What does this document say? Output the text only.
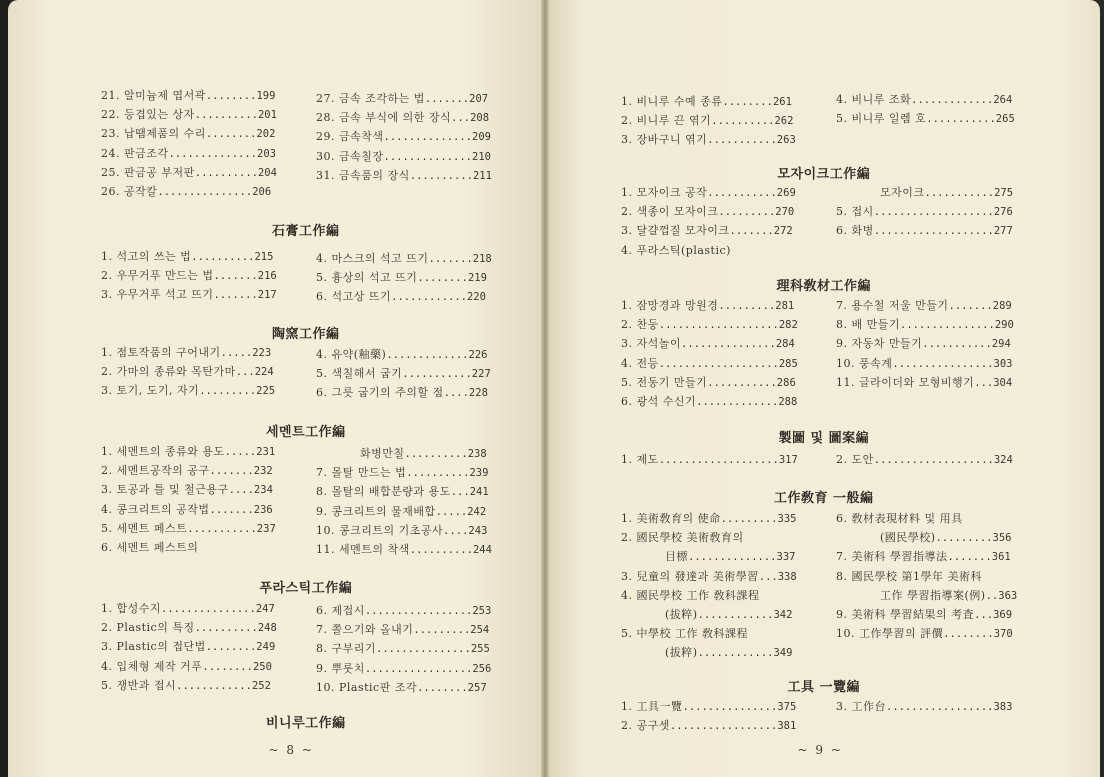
21. 알미늄제 엽서곽........199
22. 등겹있는 상자..........201
23. 납땜제품의 수리........202
24. 판금조각..............203
25. 판금공 부저판..........204
26. 공작칼...............206
27. 금속 조각하는 법.......207
28. 금속 부식에 의한 장식...208
29. 금속착색..............209
30. 금속칠장..............210
31. 금속품의 장식..........211
石膏工作編
1. 석고의 쓰는 법..........215
2. 우무거푸 만드는 법.......216
3. 우무거푸 석고 뜨기.......217
4. 마스크의 석고 뜨기.......218
5. 흉상의 석고 뜨기........219
6. 석고상 뜨기............220
陶窯工作編
1. 점토작품의 구어내기.....223
2. 가마의 종류와 목탄가마...224
3. 토기, 도기, 자기.........225
4. 유약(釉藥).............226
5. 색칠해서 굽기...........227
6. 그릇 굽기의 주의할 점....228
세멘트工作編
1. 세멘트의 종류와 용도.....231
2. 세멘트공작의 공구.......232
3. 토공과 틀 및 철근용구....234
4. 콩크리트의 공작법.......236
5. 세멘트 페스트...........237
6. 세멘트 페스트의
화병만칠..........238
7. 몰탈 만드는 법..........239
8. 몰탈의 배합분량과 용도...241
9. 콩크리트의 물재배합.....242
10. 콩크리트의 기초공사....243
11. 세멘트의 착색..........244
푸라스틱工作編
1. 합성수지...............247
2. Plastic의 특징..........248
3. Plastic의 접단법........249
4. 입체형 제작 거푸........250
5. 쟁반과 접시............252
6. 제접시.................253
7. 쫄으기와 올내기.........254
8. 구부리기...............255
9. 뿌룻치.................256
10. Plastic판 조각........257
비니루工作編
~ 8 ~
1. 비니루 수예 종류........261
2. 비니루 끈 엮기..........262
3. 장바구니 엮기...........263
4. 비니루 조화.............264
5. 비니루 일렘 호...........265
모자이크工作編
1. 모자이크 공작...........269
2. 색종이 모자이크.........270
3. 달걀껍질 모자이크.......272
4. 푸라스틱(plastic)
모자이크...........275
5. 접시...................276
6. 화병...................277
理科敎材工作編
1. 잠망경과 망원경.........281
2. 찬둥...................282
3. 자석놀이...............284
4. 전등...................285
5. 전동기 만들기...........286
6. 광석 수신기.............288
7. 용수철 저울 만들기.......289
8. 배 만들기...............290
9. 자동차 만들기...........294
10. 풍속계................303
11. 글라이더와 모형비행기...304
製圖 및 圖案編
1. 제도...................317	2. 도안...................324
工作敎育 一般編
1. 美術敎育의 使命.........335
2. 國民學校 美術敎育의
目標..............337
3. 兒童의 發達과 美術學習...338
4. 國民學校 工作 敎科課程
(拔粹)............342
5. 中學校 工作 敎科課程
(拔粹)............349
6. 敎材表現材料 및 用具
(國民學校).........356
7. 美術科 學習指導法.......361
8. 國民學校 第1學年 美術科
工作 學習指導案(例)..363
9. 美術科 學習結果의 考査...369
10. 工作學習의 評價........370
工具 一覽編
1. 工具一覽...............375
2. 공구셋.................381
3. 工作台.................383
~ 9 ~
